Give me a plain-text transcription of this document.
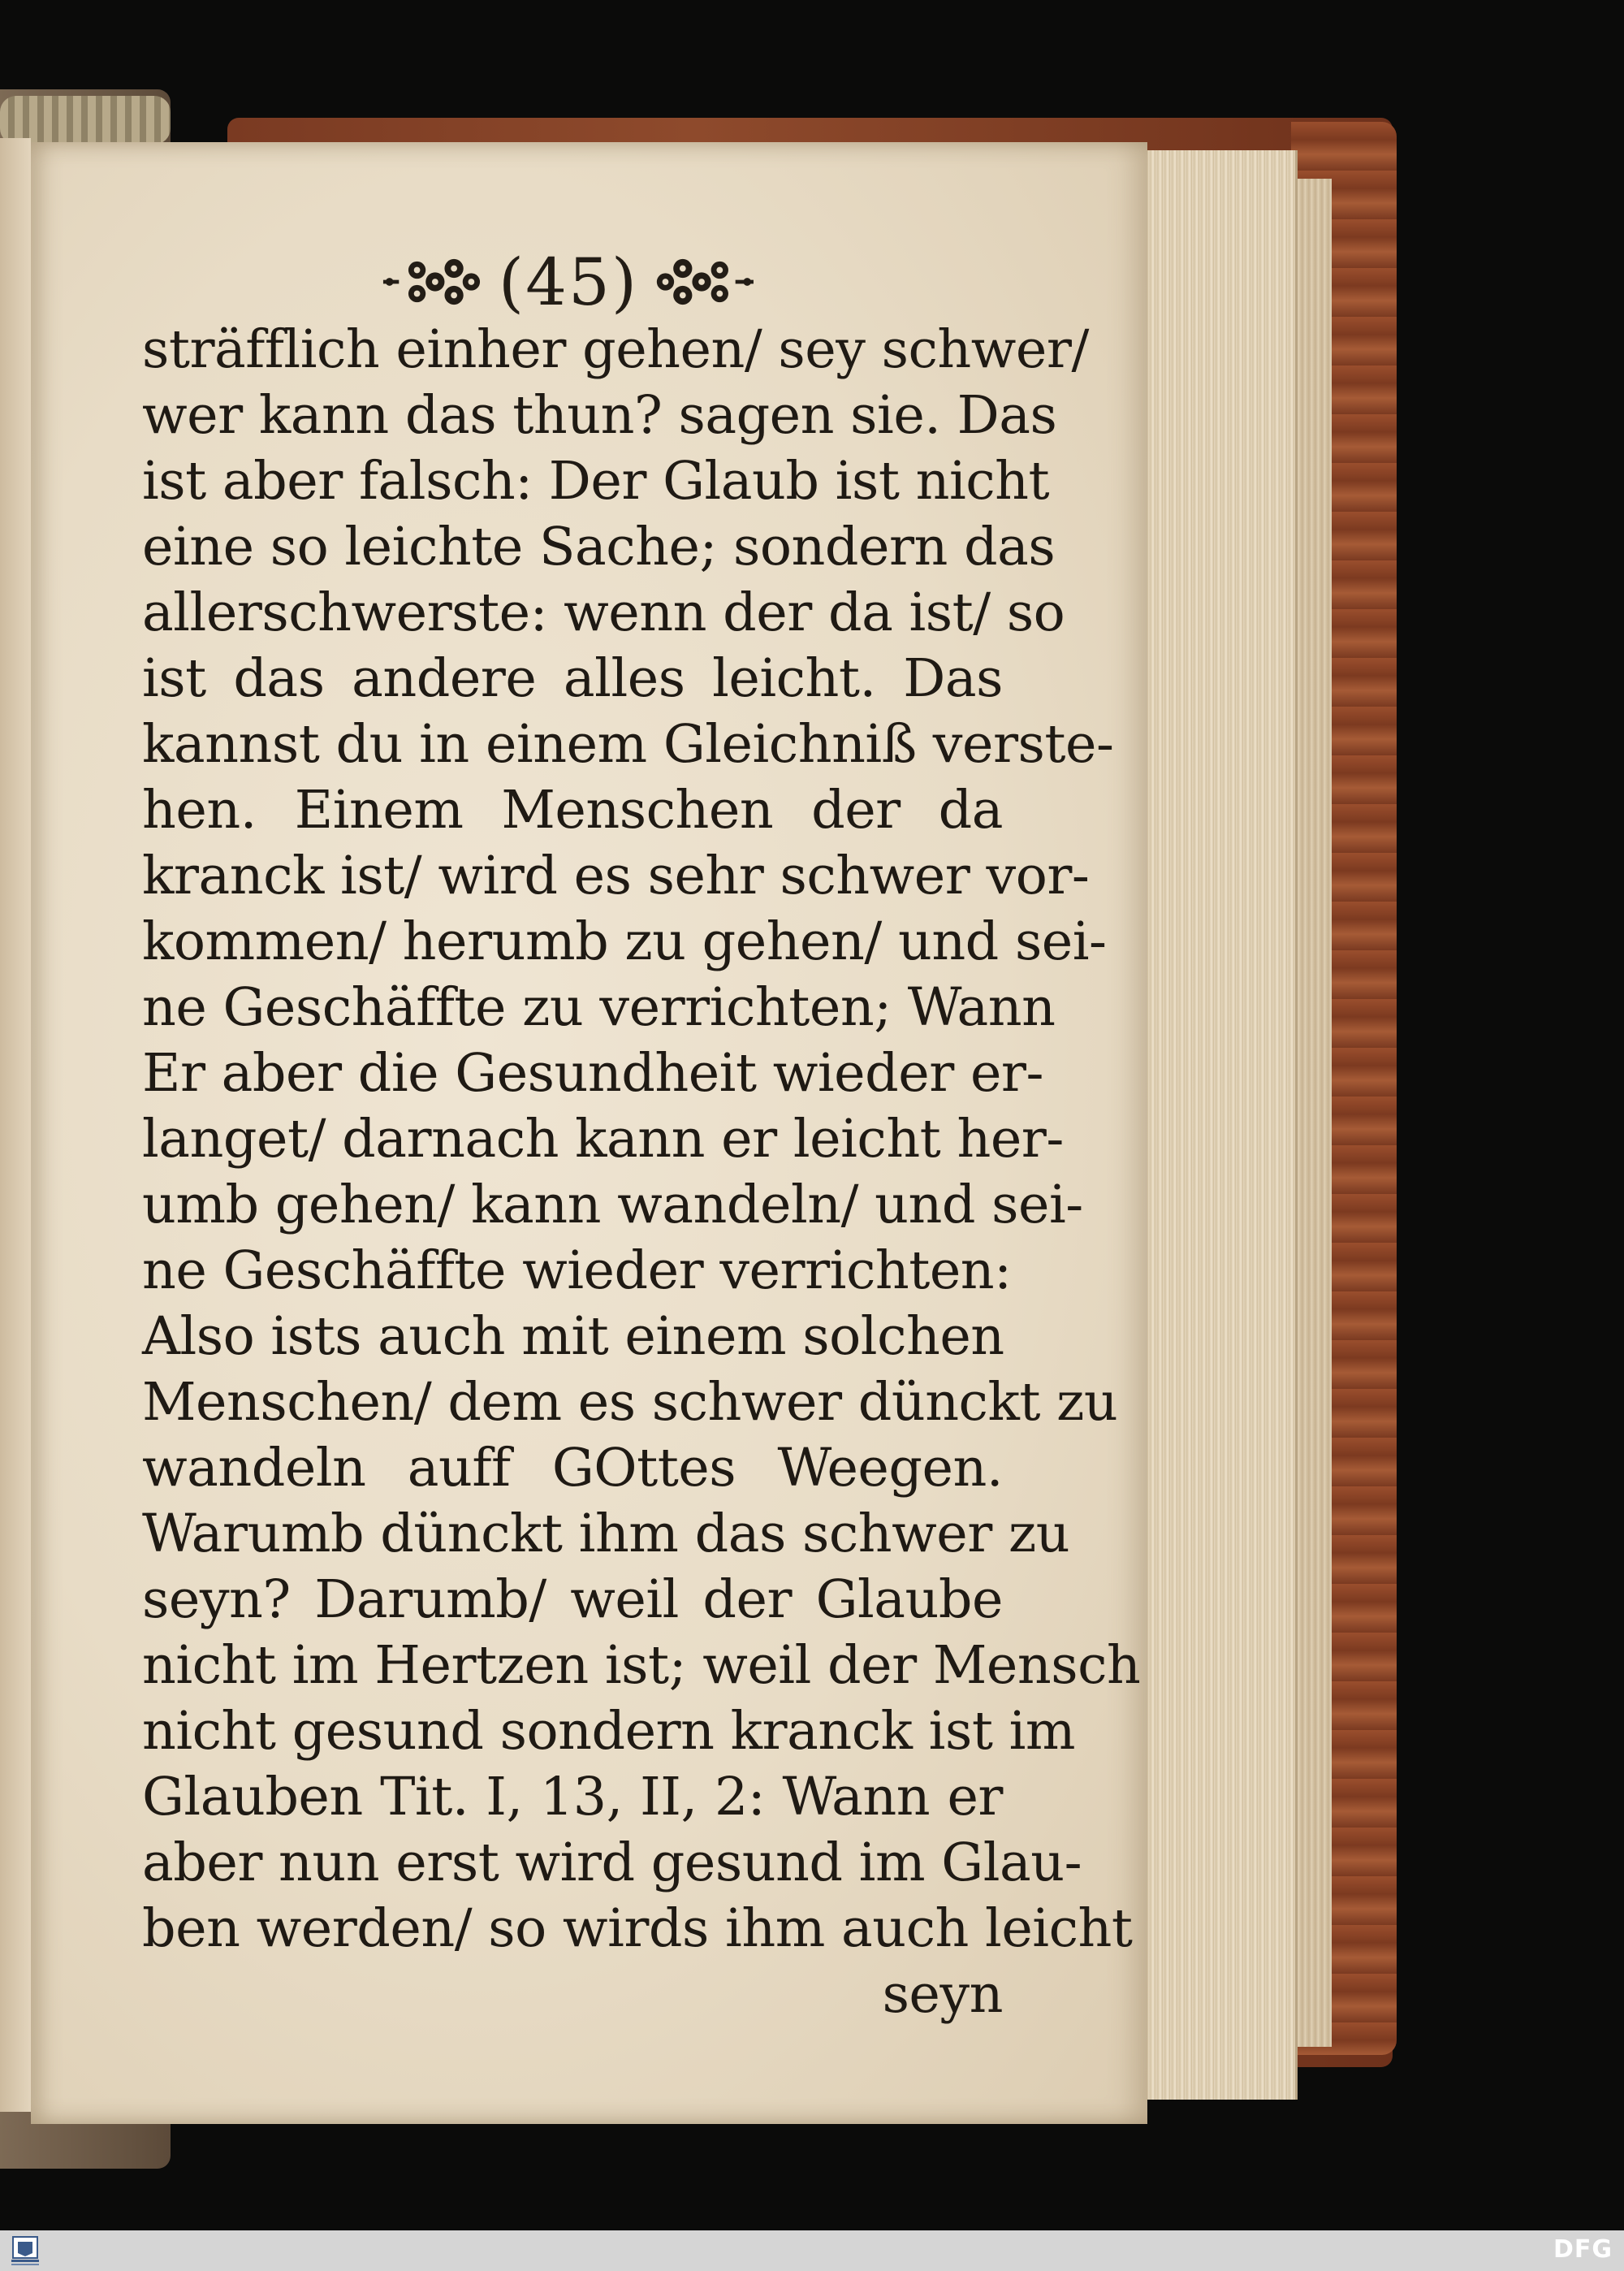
(45)
sträfflich einher gehen/ sey schwer/
wer kann das thun? sagen sie. Das
ist aber falsch: Der Glaub ist nicht
eine so leichte Sache; sondern das
allerschwerste: wenn der da ist/ so
ist das andere alles leicht. Das
kannst du in einem Gleichniß verste-
hen. Einem Menschen der da
kranck ist/ wird es sehr schwer vor-
kommen/ herumb zu gehen/ und sei-
ne Geschäffte zu verrichten; Wann
Er aber die Gesundheit wieder er-
langet/ darnach kann er leicht her-
umb gehen/ kann wandeln/ und sei-
ne Geschäffte wieder verrichten:
Also ists auch mit einem solchen
Menschen/ dem es schwer dünckt zu
wandeln auff GOttes Weegen.
Warumb dünckt ihm das schwer zu
seyn? Darumb/ weil der Glaube
nicht im Hertzen ist; weil der Mensch
nicht gesund sondern kranck ist im
Glauben Tit. I, 13, II, 2: Wann er
aber nun erst wird gesund im Glau-
ben werden/ so wirds ihm auch leicht
seyn
DFG
